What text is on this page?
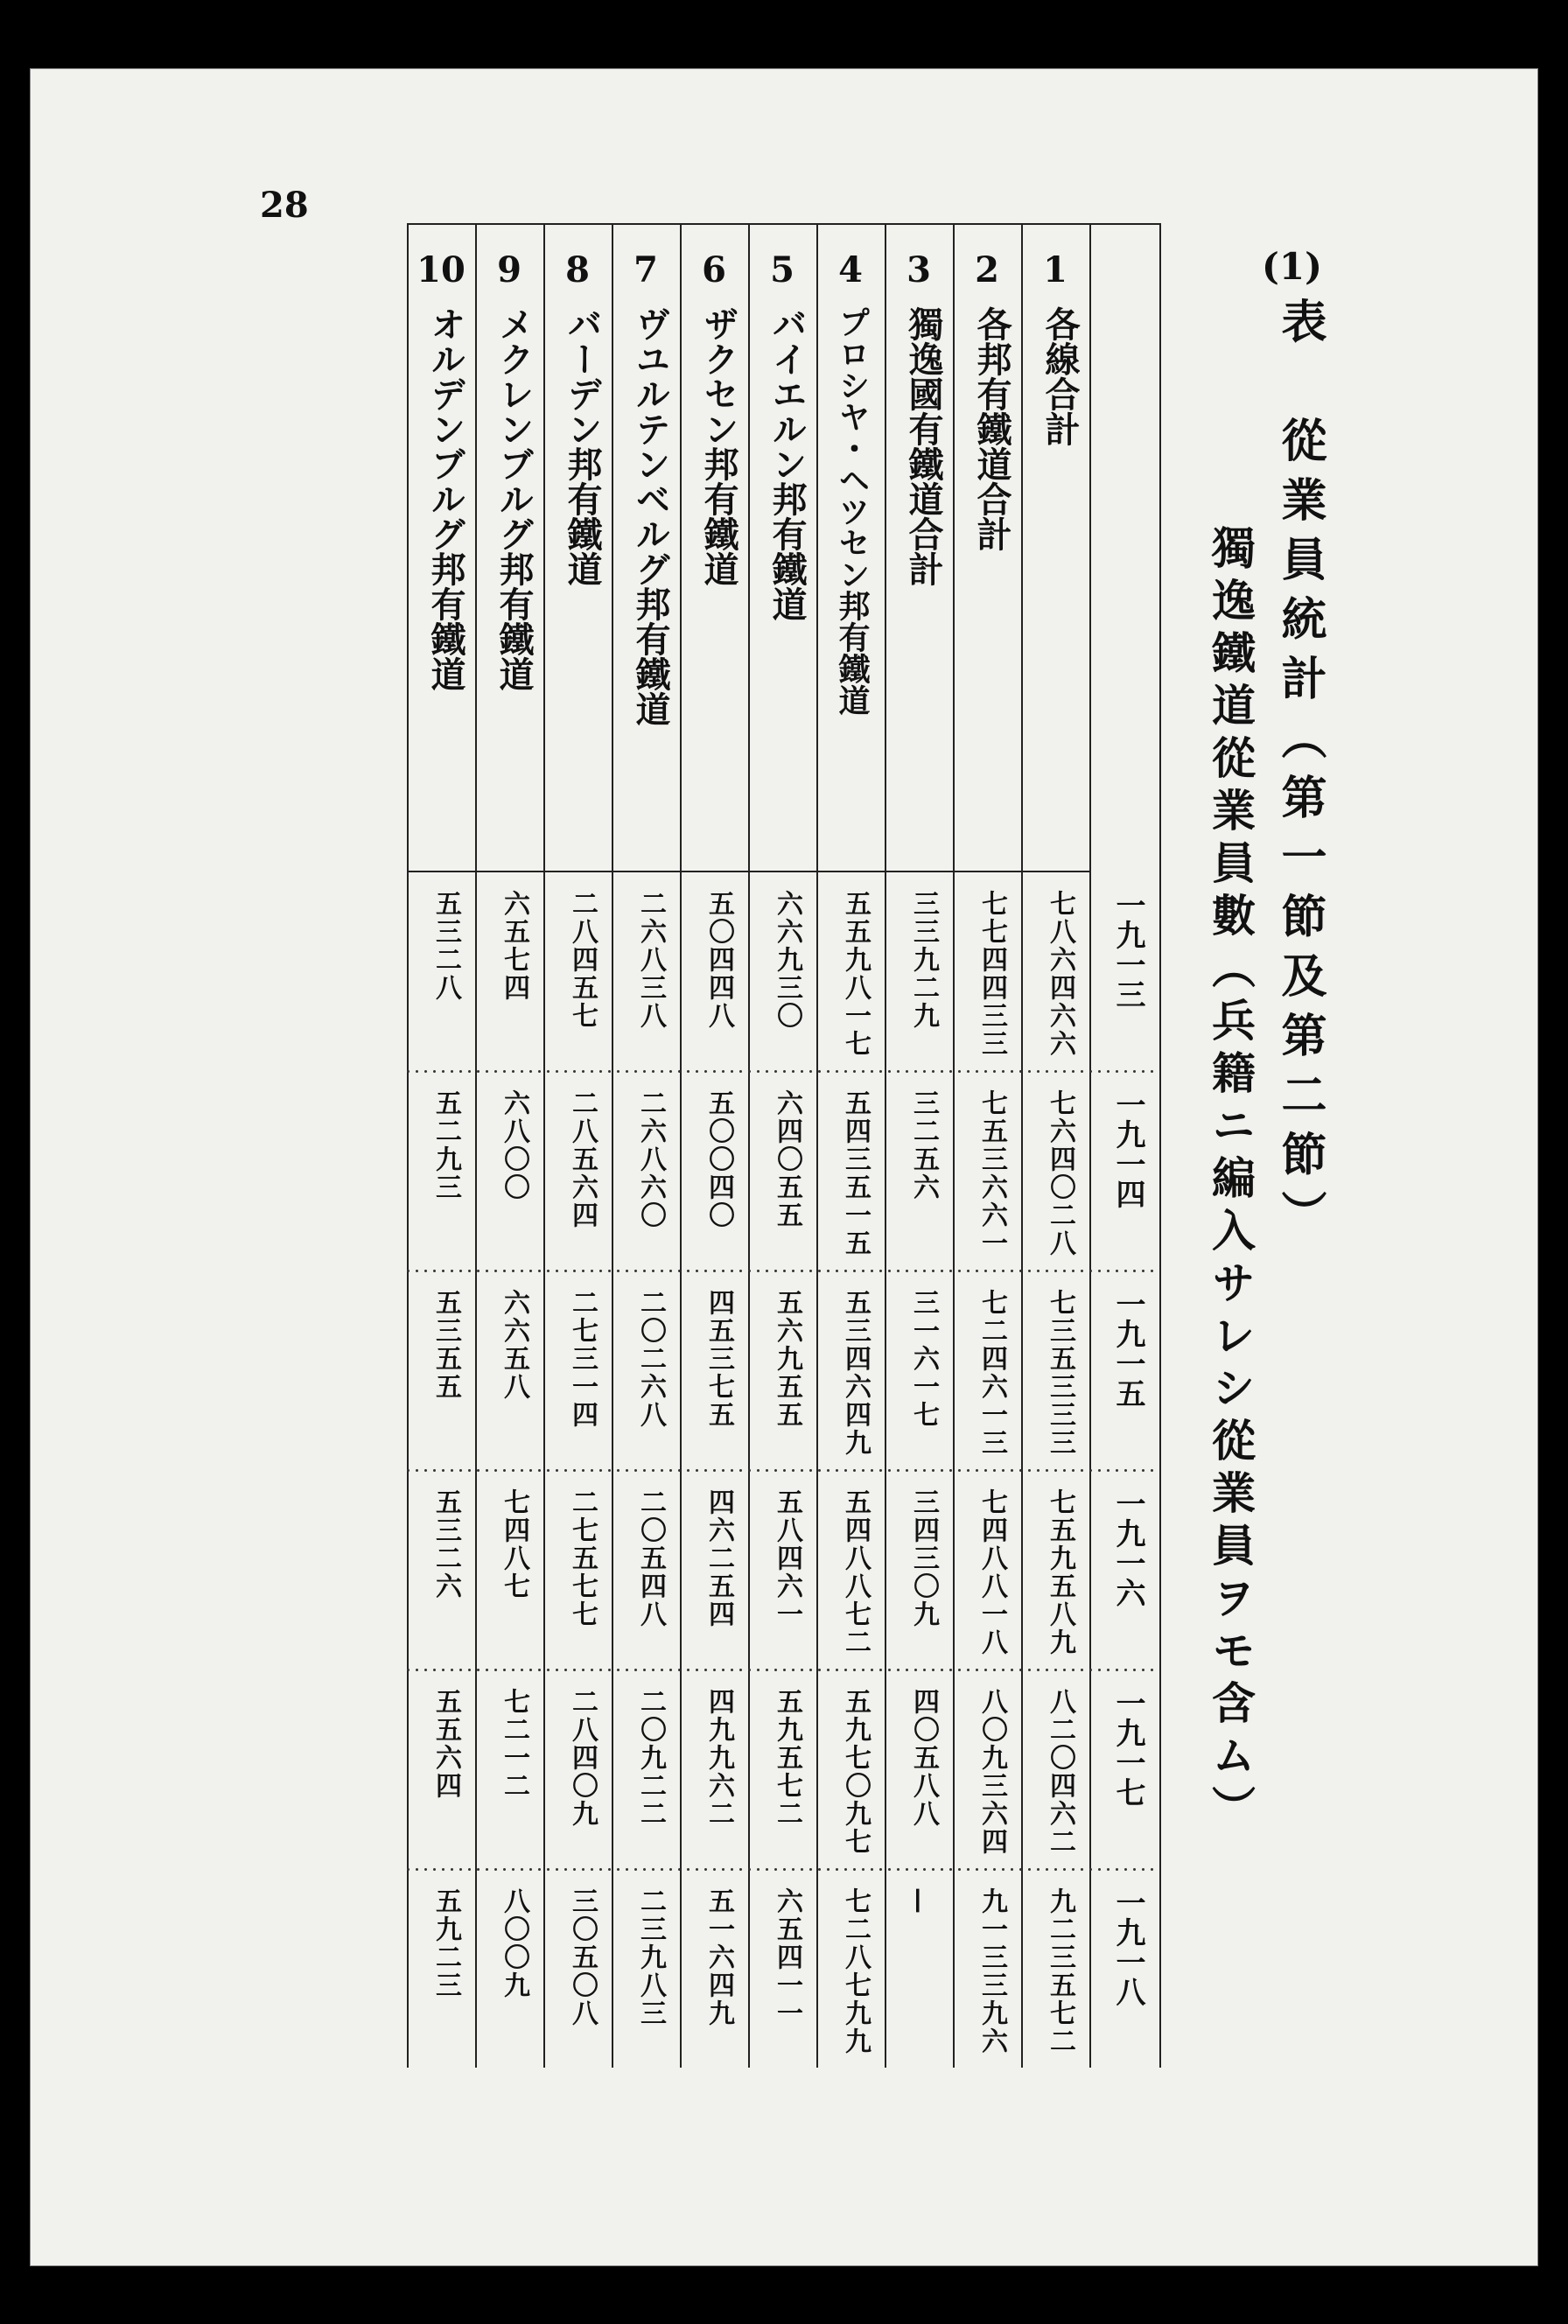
28
(1)
表　從業員統計（第一節及第二節）
獨逸鐵道從業員數（兵籍ニ編入サレシ從業員ヲモ含ム）
一九一三
一九一四
一九一五
一九一六
一九一七
一九一八
1
各線合計
七八六四六六
七六四〇二八
七三五三三三
七五九五八九
八二〇四六二
九二三五七二
2
各邦有鐵道合計
七七四四三三
七五三六六一
七二四六一三
七四八八一八
八〇九三六四
九一三三九六
3
獨逸國有鐵道合計
三三九二九
三二五六
三一六一七
三四三〇九
四〇五八八
—
4
プロシヤ・ヘツセン邦有鐵道
五五九八一七
五四三五一五
五三四六四九
五四八八七二
五九七〇九七
七二八七九九
5
バイエルン邦有鐵道
六六九三〇
六四〇五五
五六九五五
五八四六一
五九五七二
六五四一一
6
ザクセン邦有鐵道
五〇四四八
五〇〇四〇
四五三七五
四六二五四
四九九六二
五一六四九
7
ヴユルテンベルグ邦有鐵道
二六八三八
二六八六〇
二〇二六八
二〇五四八
二〇九二二
二三九八三
8
バーデン邦有鐵道
二八四五七
二八五六四
二七三一四
二七五七七
二八四〇九
三〇五〇八
9
メクレンブルグ邦有鐵道
六五七四
六八〇〇
六六五八
七四八七
七二一二
八〇〇九
10
オルデンブルグ邦有鐵道
五三二八
五二九三
五三五五
五三二六
五五六四
五九二三
